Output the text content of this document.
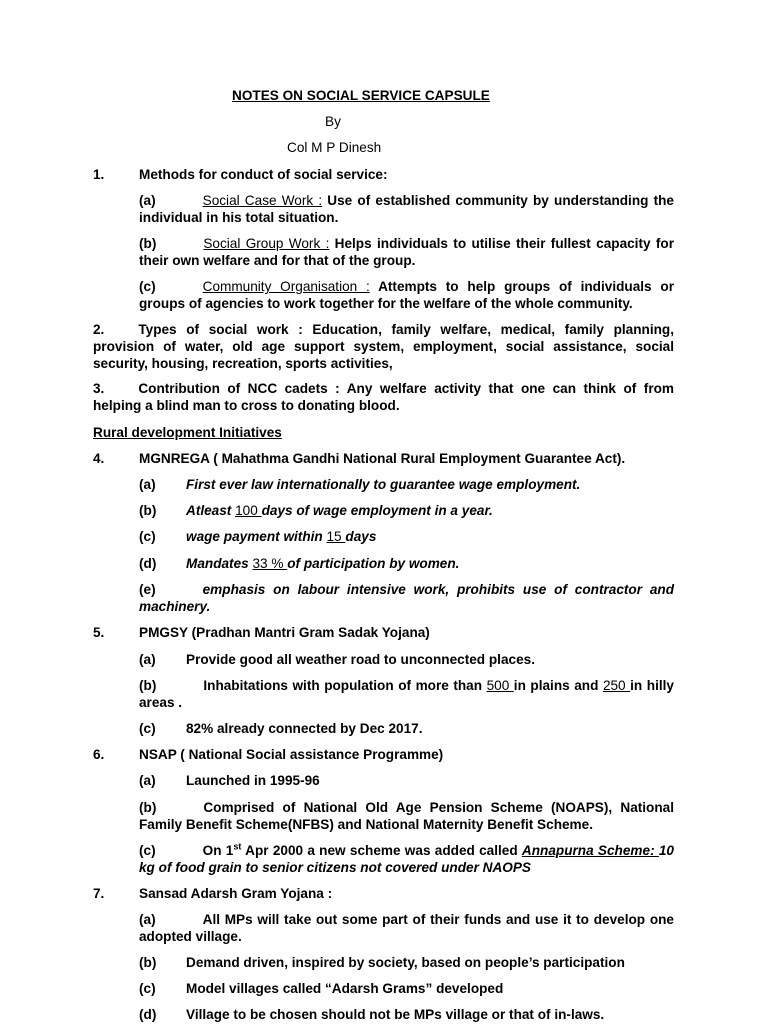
NOTES ON SOCIAL SERVICE CAPSULE
By
Col M P Dinesh
1.	Methods for conduct of social service:
(a)	Social Case Work : Use of established community by understanding the individual in his total situation.
(b)	Social Group Work : Helps individuals to utilise their fullest capacity for their own welfare and for that of the group.
(c)	Community Organisation : Attempts to help groups of individuals or groups of agencies to work together for the welfare of the whole community.
2.	Types of social work : Education, family welfare, medical, family planning, provision of water, old age support system, employment, social assistance, social security, housing, recreation, sports activities,
3.	Contribution of NCC cadets : Any welfare activity that one can think of from helping a blind man to cross to donating blood.
Rural development Initiatives
4.	MGNREGA ( Mahathma Gandhi National Rural Employment Guarantee Act).
(a) First ever law internationally to guarantee wage employment.
(b) Atleast 100 days of wage employment in a year.
(c) wage payment within 15 days
(d) Mandates 33 % of participation by women.
(e)	emphasis on labour intensive work, prohibits use of contractor and machinery.
5.	PMGSY (Pradhan Mantri Gram Sadak Yojana)
(a) Provide good all weather road to unconnected places.
(b)	Inhabitations with population of more than 500 in plains and 250 in hilly areas .
(c) 82% already connected by Dec 2017.
6.	NSAP ( National Social assistance Programme)
(a) Launched in 1995-96
(b)	Comprised of National Old Age Pension Scheme (NOAPS), National Family Benefit Scheme(NFBS) and National Maternity Benefit Scheme.
(c)	On 1st Apr 2000 a new scheme was added called Annapurna Scheme: 10 kg of food grain to senior citizens not covered under NAOPS
7.	Sansad Adarsh Gram Yojana :
(a)	All MPs will take out some part of their funds and use it to develop one adopted village.
(b) Demand driven, inspired by society, based on people’s participation
(c) Model villages called “Adarsh Grams” developed
(d) Village to be chosen should not be MPs village or that of in-laws.
